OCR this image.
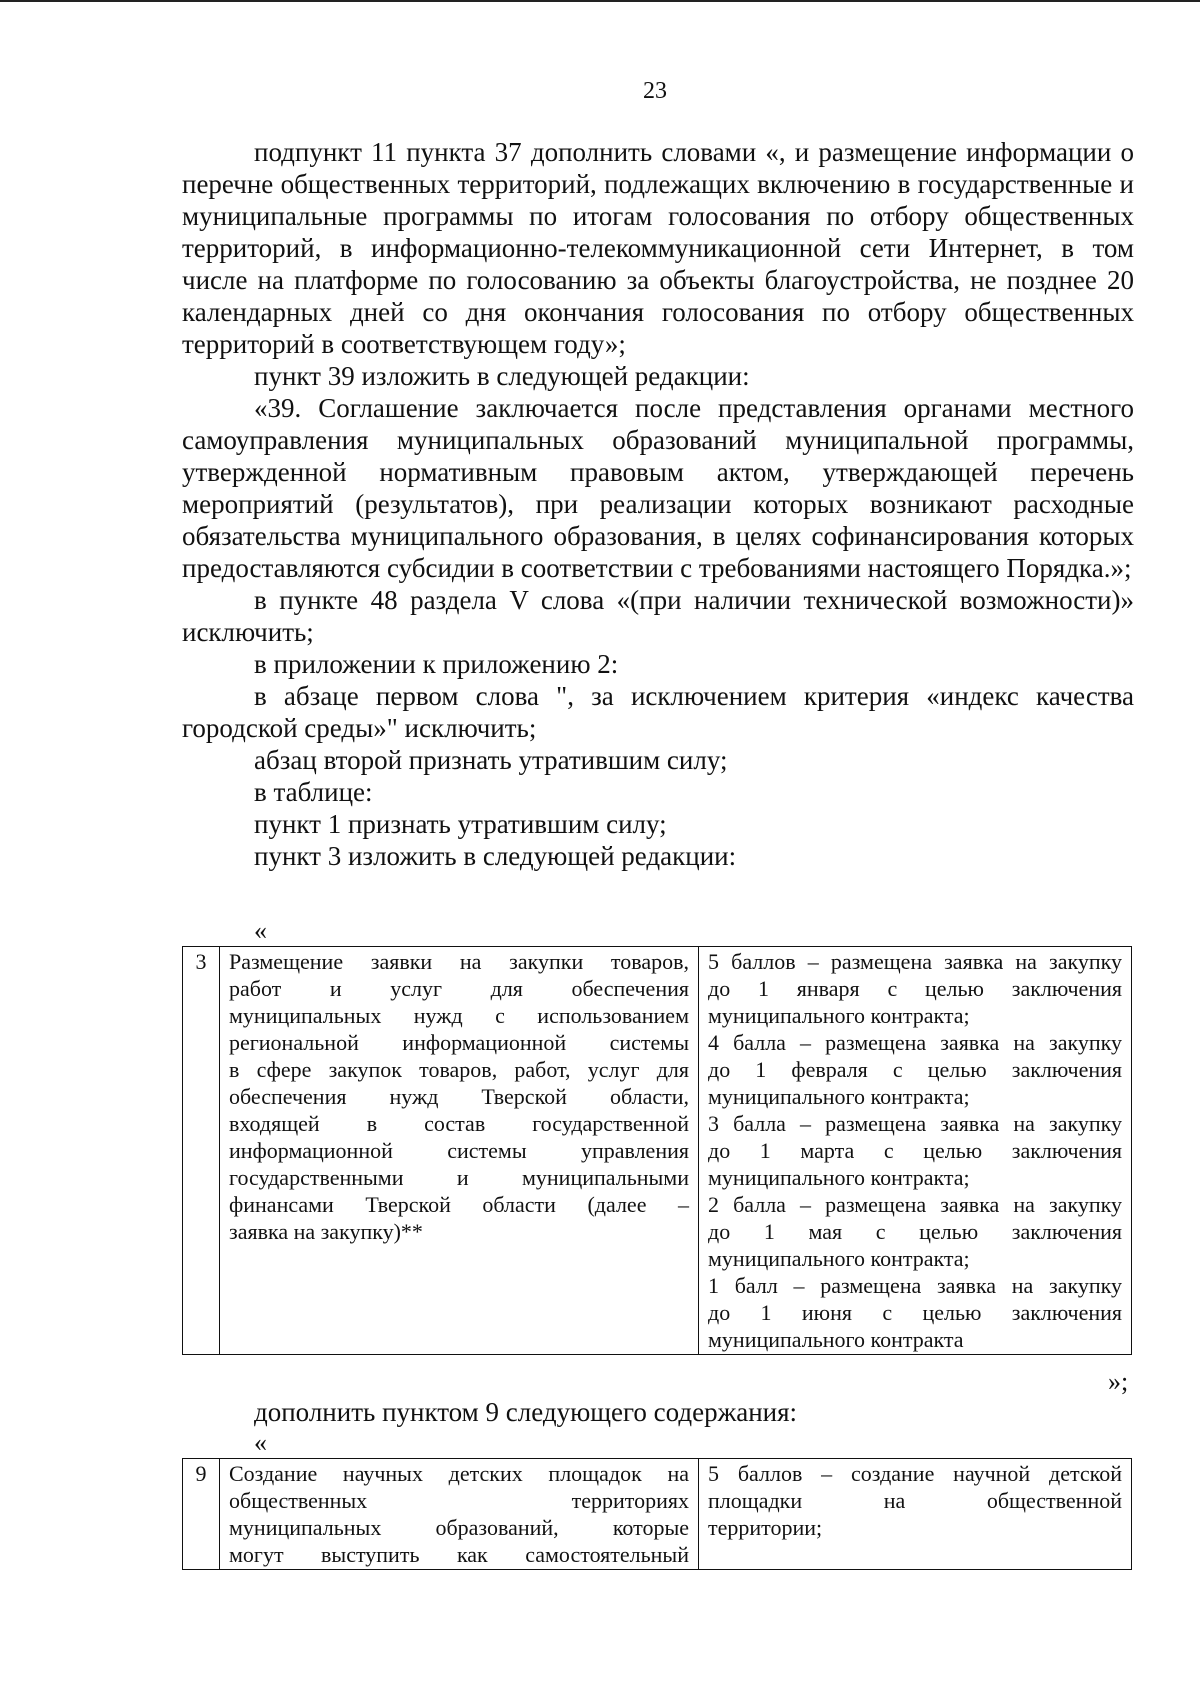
23

подпункт 11 пункта 37 дополнить словами «, и размещение информации о перечне общественных территорий, подлежащих включению в государственные и муниципальные программы по итогам голосования по отбору общественных территорий, в информационно-телекоммуникационной сети Интернет, в том числе на платформе по голосованию за объекты благоустройства, не позднее 20 календарных дней со дня окончания голосования по отбору общественных территорий в соответствующем году»;

пункт 39 изложить в следующей редакции:

«39. Соглашение заключается после представления органами местного самоуправления муниципальных образований муниципальной программы, утвержденной нормативным правовым актом, утверждающей перечень мероприятий (результатов), при реализации которых возникают расходные обязательства муниципального образования, в целях софинансирования которых предоставляются субсидии в соответствии с требованиями настоящего Порядка.»;

в пункте 48 раздела V слова «(при наличии технической возможности)» исключить;

в приложении к приложению 2:

в абзаце первом слова ", за исключением критерия «индекс качества городской среды»" исключить;

абзац второй признать утратившим силу;

в таблице:

пункт 1 признать утратившим силу;

пункт 3 изложить в следующей редакции:

«
3	Размещение заявки на закупки товаров,
работ и услуг для обеспечения
муниципальных нужд с использованием
региональной информационной системы
в сфере закупок товаров, работ, услуг для
обеспечения нужд Тверской области,
входящей в состав государственной
информационной системы управления
государственными и муниципальными
финансами Тверской области (далее –
заявка на закупку)**

5 баллов – размещена заявка на закупку
до 1 января с целью заключения
муниципального контракта;
4 балла – размещена заявка на закупку
до 1 февраля с целью заключения
муниципального контракта;
3 балла – размещена заявка на закупку
до 1 марта с целью заключения
муниципального контракта;
2 балла – размещена заявка на закупку
до 1 мая с целью заключения
муниципального контракта;
1 балл – размещена заявка на закупку
до 1 июня с целью заключения
муниципального контракта
»;

дополнить пунктом 9 следующего содержания:

«
9	Создание научных детских площадок на
общественных территориях
муниципальных образований, которые
могут выступить как самостоятельный

5 баллов – создание научной детской
площадки на общественной
территории;
